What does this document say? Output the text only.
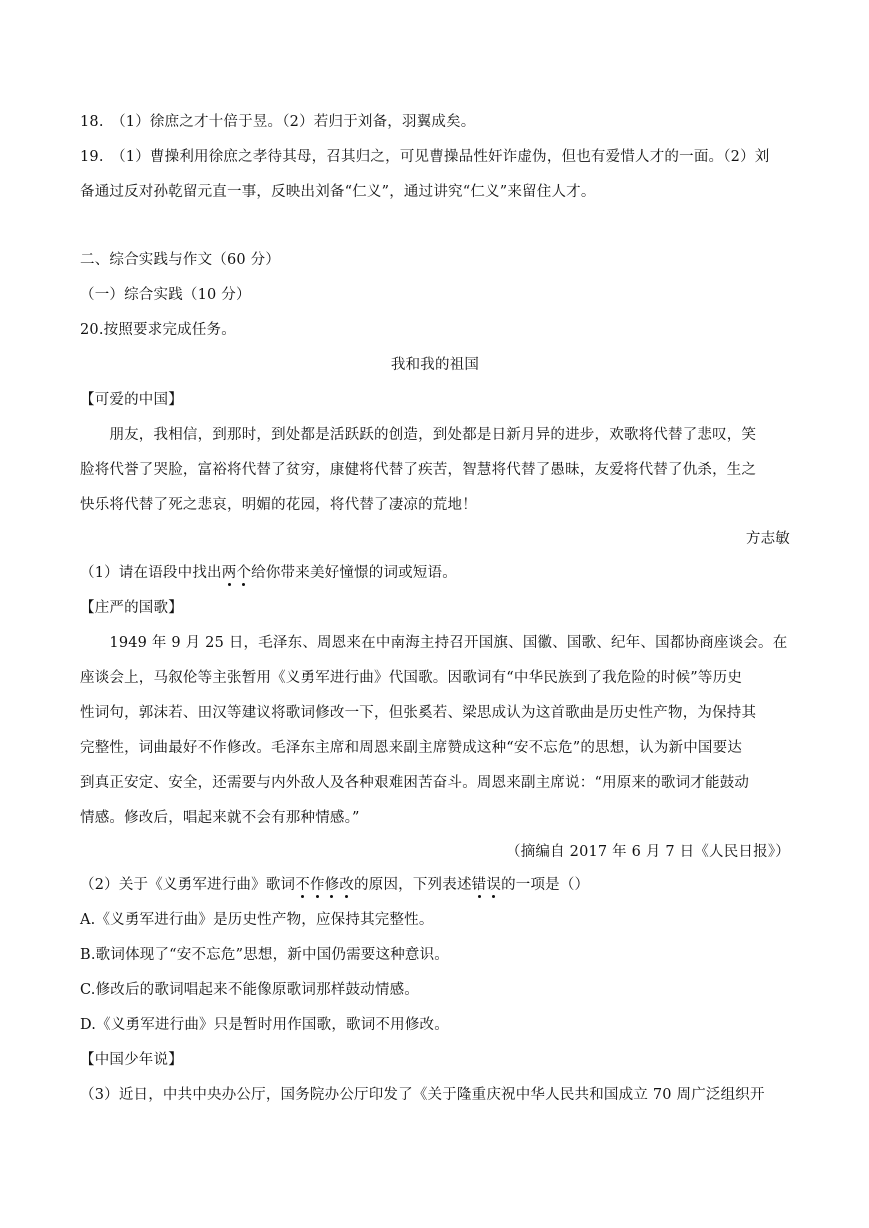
18.　（1）徐庶之才十倍于昱。（2）若归于刘备，羽翼成矣。
19.　（1）曹操利用徐庶之孝待其母，召其归之，可见曹操品性奸诈虚伪，但也有爱惜人才的一面。（2）刘
备通过反对孙乾留元直一事，反映出刘备“仁义”，通过讲究“仁义”来留住人才。
二、综合实践与作文（60 分）
（一）综合实践（10 分）
20.按照要求完成任务。
我和我的祖国
【可爱的中国】
　　朋友，我相信，到那时，到处都是活跃跃的创造，到处都是日新月异的进步，欢歌将代替了悲叹，笑
脸将代誉了哭脸，富裕将代替了贫穷，康健将代替了疾苦，智慧将代替了愚昧，友爱将代替了仇杀，生之
快乐将代替了死之悲哀，明媚的花园，将代替了凄凉的荒地！
方志敏
（1）请在语段中找出两个给你带来美好憧憬的词或短语。
【庄严的国歌】
　　1949 年 9 月 25 日，毛泽东、周恩来在中南海主持召开国旗、国徽、国歌、纪年、国都协商座谈会。在
座谈会上，马叙伦等主张暂用《义勇军进行曲》代国歌。因歌词有“中华民族到了我危险的时候”等历史
性词句，郭沫若、田汉等建议将歌词修改一下，但张奚若、梁思成认为这首歌曲是历史性产物，为保持其
完整性，词曲最好不作修改。毛泽东主席和周恩来副主席赞成这种“安不忘危”的思想，认为新中国要达
到真正安定、安全，还需要与内外敌人及各种艰难困苦奋斗。周恩来副主席说：“用原来的歌词才能鼓动
情感。修改后，唱起来就不会有那种情感。”
（摘编自 2017 年 6 月 7 日《人民日报》）
（2）关于《义勇军进行曲》歌词不作修改的原因，下列表述错误的一项是（）
A.《义勇军进行曲》是历史性产物，应保持其完整性。
B.歌词体现了“安不忘危”思想，新中国仍需要这种意识。
C.修改后的歌词唱起来不能像原歌词那样鼓动情感。
D.《义勇军进行曲》只是暂时用作国歌，歌词不用修改。
【中国少年说】
（3）近日，中共中央办公厅，国务院办公厅印发了《关于隆重庆祝中华人民共和国成立 70 周广泛组织开
